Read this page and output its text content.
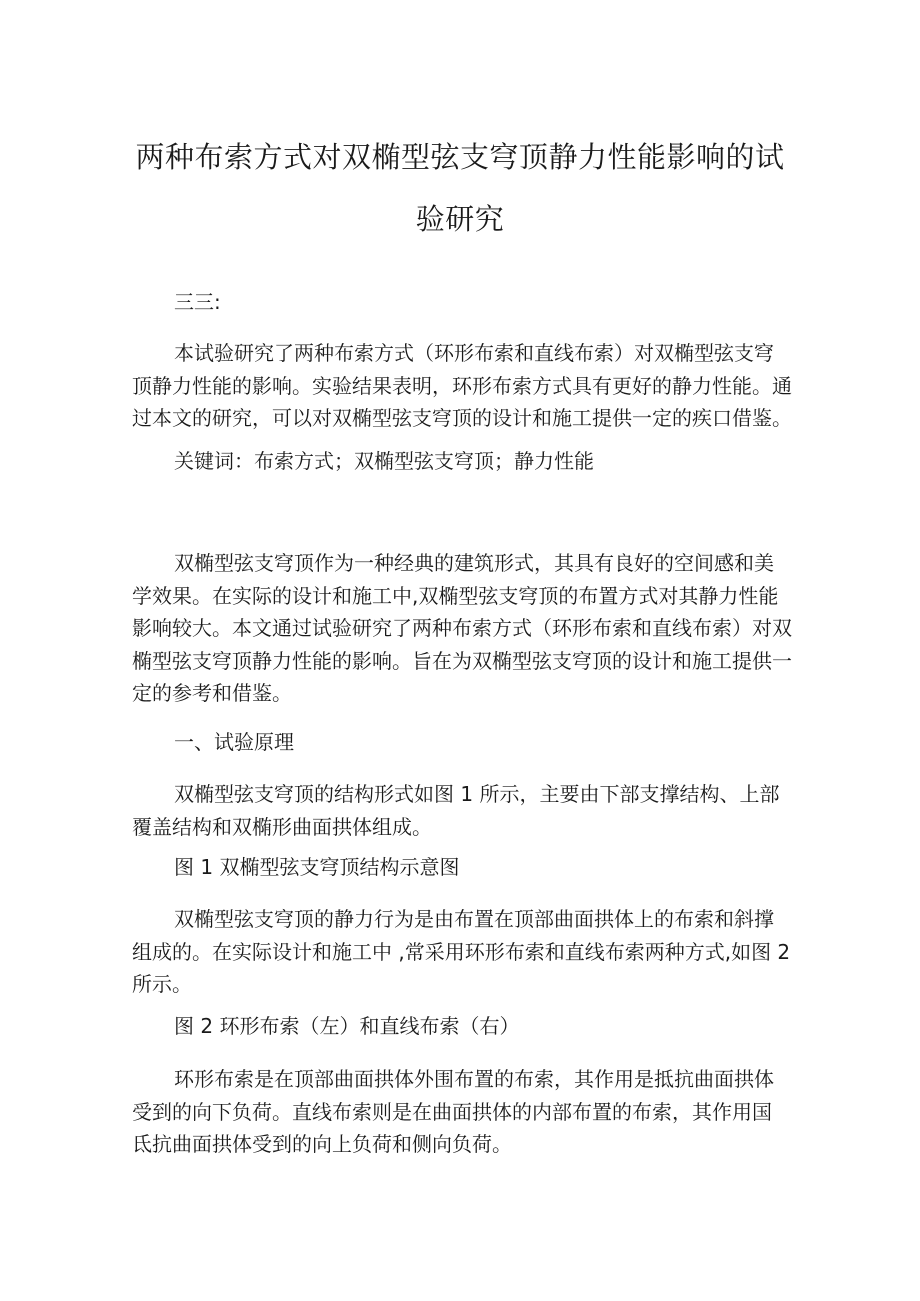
两种布索方式对双椭型弦支穹顶静力性能影响的试
验研究

三三:

本试验研究了两种布索方式（环形布索和直线布索）对双椭型弦支穹
顶静力性能的影响。实验结果表明，环形布索方式具有更好的静力性能。通
过本文的研究，可以对双椭型弦支穹顶的设计和施工提供一定的疾口借鉴。

关键词：布索方式；双椭型弦支穹顶；静力性能

双椭型弦支穹顶作为一种经典的建筑形式，其具有良好的空间感和美
学效果。在实际的设计和施工中,双椭型弦支穹顶的布置方式对其静力性能
影响较大。本文通过试验研究了两种布索方式（环形布索和直线布索）对双
椭型弦支穹顶静力性能的影响。旨在为双椭型弦支穹顶的设计和施工提供一
定的参考和借鉴。

一、试验原理

双椭型弦支穹顶的结构形式如图 1 所示，主要由下部支撑结构、上部
覆盖结构和双椭形曲面拱体组成。

图 1 双椭型弦支穹顶结构示意图

双椭型弦支穹顶的静力行为是由布置在顶部曲面拱体上的布索和斜撑
组成的。在实际设计和施工中 ,常采用环形布索和直线布索两种方式,如图 2
所示。

图 2 环形布索（左）和直线布索（右）

环形布索是在顶部曲面拱体外围布置的布索，其作用是抵抗曲面拱体
受到的向下负荷。直线布索则是在曲面拱体的内部布置的布索，其作用国
氐抗曲面拱体受到的向上负荷和侧向负荷。
